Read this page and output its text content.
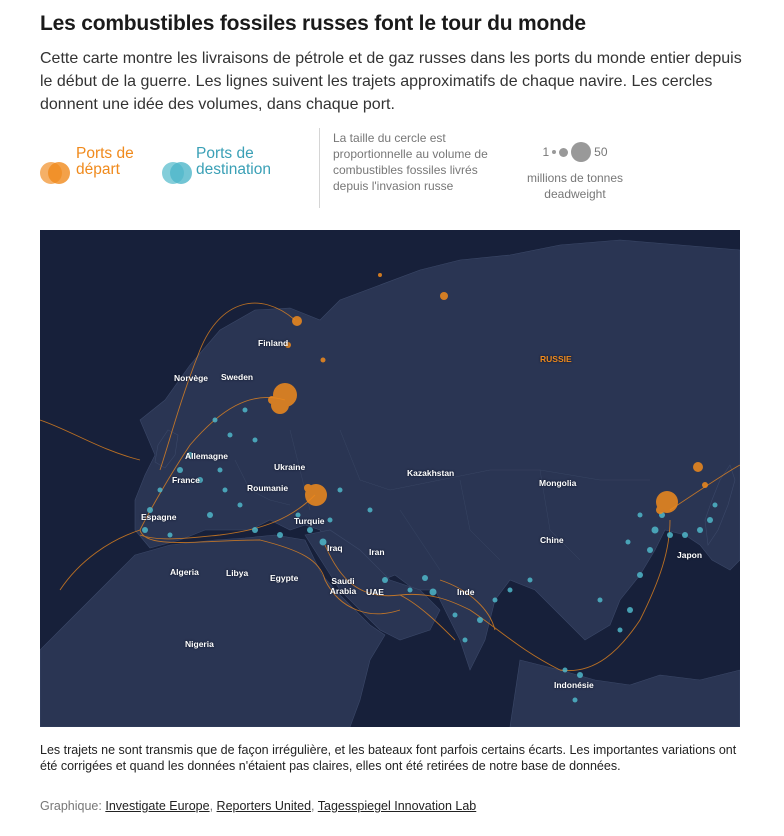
Les combustibles fossiles russes font le tour du monde

Cette carte montre les livraisons de pétrole et de gaz russes dans les ports du monde entier depuis le début de la guerre. Les lignes suivent les trajets approximatifs de chaque navire. Les cercles donnent une idée des volumes, dans chaque port.

Ports de départ
Ports de destination
La taille du cercle est proportionnelle au volume de combustibles fossiles livrés depuis l'invasion russe
1	50
millions de tonnes deadweight
Finland
Norvège Sweden
RUSSIE
Allemagne
Ukraine
Kazakhstan
Mongolia
France
Roumanie
Espagne	Turquie
Chine
Iraq	Iran	Japon
Algeria	Libya	Egypte	Saudi Arabia UAE	Inde
Nigeria
Indonésie
Les trajets ne sont transmis que de façon irrégulière, et les bateaux font parfois certains écarts. Les importantes variations ont été corrigées et quand les données n'étaient pas claires, elles ont été retirées de notre base de données.
Graphique: Investigate Europe, Reporters United, Tagesspiegel Innovation Lab
